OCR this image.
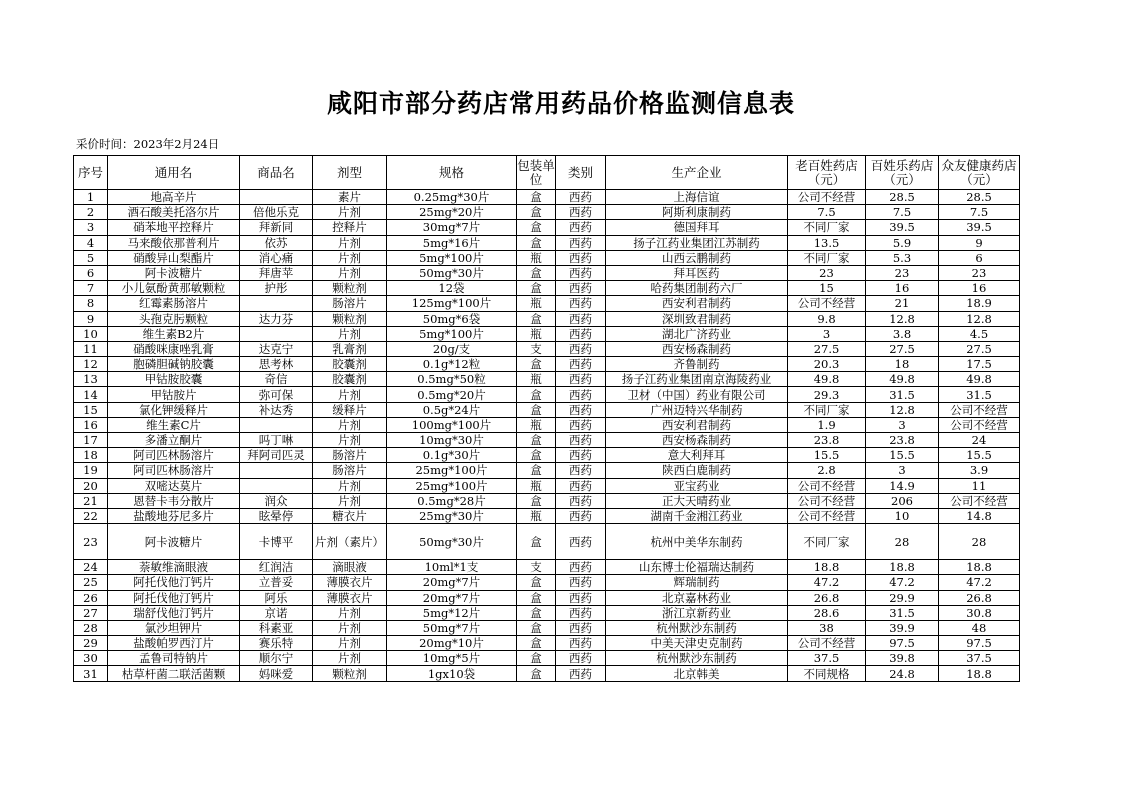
咸阳市部分药店常用药品价格监测信息表
采价时间：2023年2月24日
序号	通用名	商品名	剂型	规格	包装单位	类别	生产企业	老百姓药店（元）	百姓乐药店（元）	众友健康药店（元）
1	地高辛片		素片	0.25mg*30片	盒	西药	上海信谊	公司不经营	28.5	28.5
2	酒石酸美托洛尔片	倍他乐克	片剂	25mg*20片	盒	西药	阿斯利康制药	7.5	7.5	7.5
3	硝苯地平控释片	拜新同	控释片	30mg*7片	盒	西药	德国拜耳	不同厂家	39.5	39.5
4	马来酸依那普利片	依苏	片剂	5mg*16片	盒	西药	扬子江药业集团江苏制药	13.5	5.9	9
5	硝酸异山梨酯片	消心痛	片剂	5mg*100片	瓶	西药	山西云鹏制药	不同厂家	5.3	6
6	阿卡波糖片	拜唐苹	片剂	50mg*30片	盒	西药	拜耳医药	23	23	23
7	小儿氨酚黄那敏颗粒	护彤	颗粒剂	12袋	盒	西药	哈药集团制药六厂	15	16	16
8	红霉素肠溶片		肠溶片	125mg*100片	瓶	西药	西安利君制药	公司不经营	21	18.9
9	头孢克肟颗粒	达力芬	颗粒剂	50mg*6袋	盒	西药	深圳致君制药	9.8	12.8	12.8
10	维生素B2片		片剂	5mg*100片	瓶	西药	湖北广济药业	3	3.8	4.5
11	硝酸咪康唑乳膏	达克宁	乳膏剂	20g/支	支	西药	西安杨森制药	27.5	27.5	27.5
12	胞磷胆碱钠胶囊	思考林	胶囊剂	0.1g*12粒	盒	西药	齐鲁制药	20.3	18	17.5
13	甲钴胺胶囊	奇信	胶囊剂	0.5mg*50粒	瓶	西药	扬子江药业集团南京海陵药业	49.8	49.8	49.8
14	甲钴胺片	弥可保	片剂	0.5mg*20片	盒	西药	卫材（中国）药业有限公司	29.3	31.5	31.5
15	氯化钾缓释片	补达秀	缓释片	0.5g*24片	盒	西药	广州迈特兴华制药	不同厂家	12.8	公司不经营
16	维生素C片		片剂	100mg*100片	瓶	西药	西安利君制药	1.9	3	公司不经营
17	多潘立酮片	吗丁啉	片剂	10mg*30片	盒	西药	西安杨森制药	23.8	23.8	24
18	阿司匹林肠溶片	拜阿司匹灵	肠溶片	0.1g*30片	盒	西药	意大利拜耳	15.5	15.5	15.5
19	阿司匹林肠溶片		肠溶片	25mg*100片	盒	西药	陕西白鹿制药	2.8	3	3.9
20	双嘧达莫片		片剂	25mg*100片	瓶	西药	亚宝药业	公司不经营	14.9	11
21	恩替卡韦分散片	润众	片剂	0.5mg*28片	盒	西药	正大天晴药业	公司不经营	206	公司不经营
22	盐酸地芬尼多片	眩晕停	糖衣片	25mg*30片	瓶	西药	湖南千金湘江药业	公司不经营	10	14.8
23	阿卡波糖片	卡博平	片剂（素片）	50mg*30片	盒	西药	杭州中美华东制药	不同厂家	28	28
24	萘敏维滴眼液	红润洁	滴眼液	10ml*1支	支	西药	山东博士伦福瑞达制药	18.8	18.8	18.8
25	阿托伐他汀钙片	立普妥	薄膜衣片	20mg*7片	盒	西药	辉瑞制药	47.2	47.2	47.2
26	阿托伐他汀钙片	阿乐	薄膜衣片	20mg*7片	盒	西药	北京嘉林药业	26.8	29.9	26.8
27	瑞舒伐他汀钙片	京诺	片剂	5mg*12片	盒	西药	浙江京新药业	28.6	31.5	30.8
28	氯沙坦钾片	科素亚	片剂	50mg*7片	盒	西药	杭州默沙东制药	38	39.9	48
29	盐酸帕罗西汀片	赛乐特	片剂	20mg*10片	盒	西药	中美天津史克制药	公司不经营	97.5	97.5
30	孟鲁司特钠片	顺尔宁	片剂	10mg*5片	盒	西药	杭州默沙东制药	37.5	39.8	37.5
31	枯草杆菌二联活菌颗	妈咪爱	颗粒剂	1gx10袋	盒	西药	北京韩美	不同规格	24.8	18.8
